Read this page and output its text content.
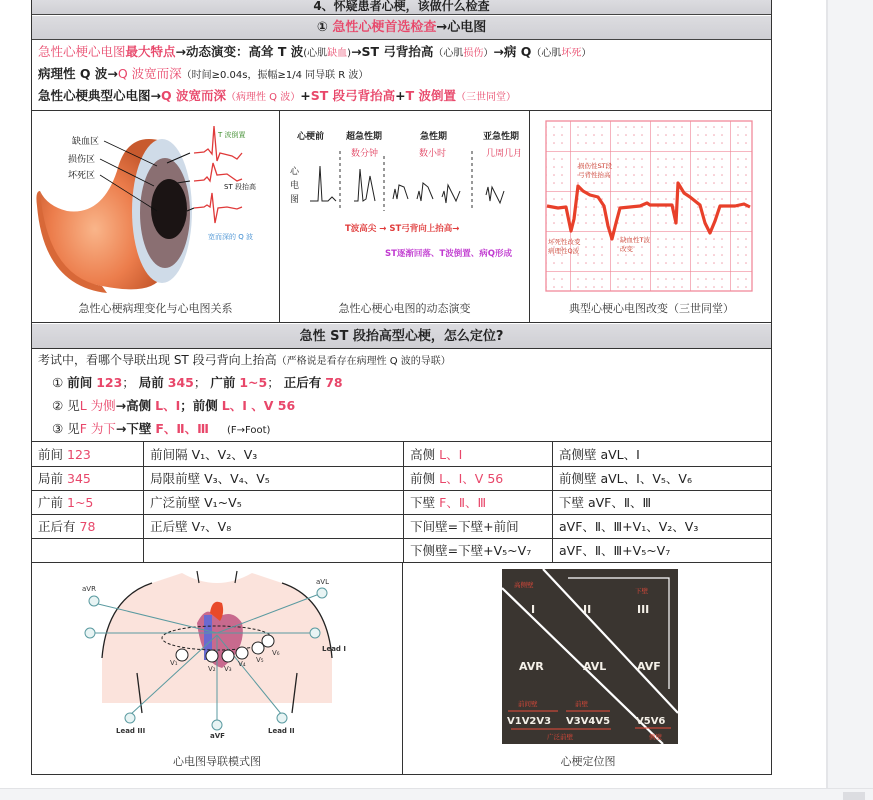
4、怀疑患者心梗，该做什么检查
① 急性心梗首选检查→心电图
急性心梗心电图最大特点→动态演变：高耸 T 波(心肌缺血)→ST 弓背抬高（心肌损伤）→病 Q（心肌坏死）
病理性 Q 波→Q 波宽而深（时间≥0.04s，振幅≥1/4 同导联 R 波）
急性心梗典型心电图→Q 波宽而深（病理性 Q 波）+ST 段弓背抬高+T 波倒置（三世同堂）
缺血区
损伤区
坏死区
T 波倒置
ST 段抬高
宽而深的 Q 波
急性心梗病理变化与心电图关系
心梗前 超急性期	急性期	亚急性期
数分钟	数小时	几周几月
心
电
图
T波高尖 → ST弓背向上抬高→
ST逐渐回落、T波倒置、病Q形成
急性心梗心电图的动态演变
损伤性ST段
弓背性抬高
坏死性改变
病理性Q波
缺血性T波
改变
典型心梗心电图改变（三世同堂）
急性 ST 段抬高型心梗，怎么定位?
考试中，看哪个导联出现 ST 段弓背向上抬高（严格说是看存在病理性 Q 波的导联）
① 前间 123； 局前 345； 广前 1~5； 正后有 78
② 见L 为侧→高侧 L、Ⅰ；前侧 L、Ⅰ 、V 56
③ 见F 为下→下壁 F、Ⅱ、Ⅲ (F→Foot)
前间 123	前间隔 V₁、V₂、V₃	高侧 L、Ⅰ	高侧壁 aVL、Ⅰ
局前 345	局限前壁 V₃、V₄、V₅	前侧 L、Ⅰ、V 56	前侧壁 aVL、Ⅰ、V₅、V₆
广前 1~5	广泛前壁 V₁~V₅	下壁 F、Ⅱ、Ⅲ	下壁 aVF、Ⅱ、Ⅲ
正后有 78	正后壁 V₇、V₈	下间壁=下壁+前间	aVF、Ⅱ、Ⅲ+V₁、V₂、V₃
		下侧壁=下壁+V₅~V₇	aVF、Ⅱ、Ⅲ+V₅~V₇
aVR
aVL
Lead I
Lead III
aVF
Lead II
V₁
V₂ V₃
V₄ V₅
V₆
心电图导联模式图
高侧壁
下壁
I	II	III
AVR	AVL	AVF
前间壁	前壁
V1V2V3 V3V4V5	V5V6
广泛前壁	侧壁
心梗定位图
